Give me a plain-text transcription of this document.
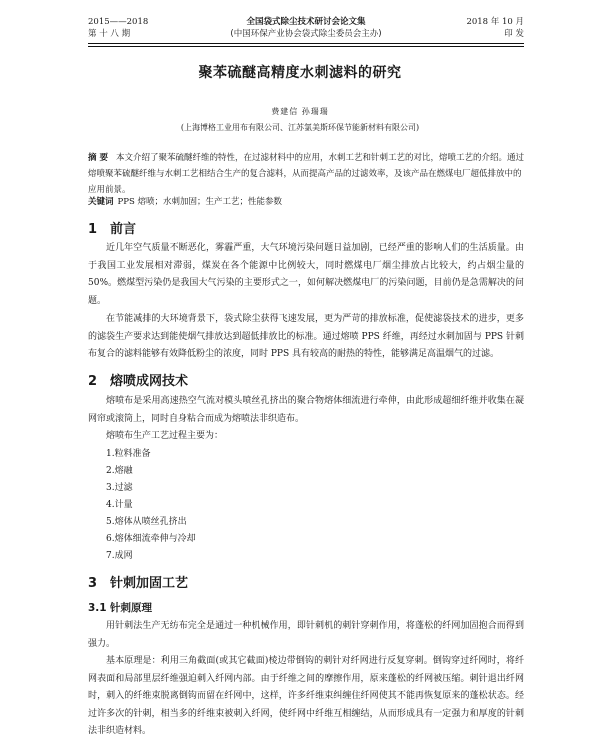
2015——2018	全国袋式除尘技术研讨会论文集	2018 年 10 月
第 十 八 期	(中国环保产业协会袋式除尘委员会主办)	印 发
聚苯硫醚高精度水刺滤料的研究
费建信 孙瑞瑞
(上海博格工业用布有限公司、江苏氯美斯环保节能新材料有限公司)
摘 要 本文介绍了聚苯硫醚纤维的特性，在过滤材料中的应用，水刺工艺和针刺工艺的对比，熔喷工艺的介绍。通过熔喷聚苯硫醚纤维与水刺工艺相结合生产的复合滤料，从而提高产品的过滤效率，及该产品在燃煤电厂超低排放中的应用前景。
关键词 PPS 熔喷；水刺加固；生产工艺；性能参数
1 前言
近几年空气质量不断恶化，雾霾严重，大气环境污染问题日益加剧，已经严重的影响人们的生活质量。由于我国工业发展相对滞弱，煤炭在各个能源中比例较大，同时燃煤电厂烟尘排放占比较大，约占烟尘量的 50%。燃煤型污染仍是我国大气污染的主要形式之一，如何解决燃煤电厂的污染问题，目前仍是急需解决的问题。
在节能减排的大环境背景下，袋式除尘获得飞速发展，更为严苛的排放标准，促使滤袋技术的进步，更多的滤袋生产要求达到能使烟气排放达到超低排放比的标准。通过熔喷 PPS 纤维，再经过水刺加固与 PPS 针刺布复合的滤料能够有效降低粉尘的浓度，同时 PPS 具有较高的耐热的特性，能够满足高温烟气的过滤。
2 熔喷成网技术
熔喷布是采用高速热空气流对模头喷丝孔挤出的聚合物熔体细流进行牵伸，由此形成超细纤维并收集在凝网帘或滚筒上，同时自身粘合而成为熔喷法非织造布。
熔喷布生产工艺过程主要为：
1.粒料准备
2.熔融
3.过滤
4.计量
5.熔体从喷丝孔挤出
6.熔体细流牵伸与冷却
7.成网
3 针刺加固工艺
3.1 针刺原理
用针刺法生产无纺布完全是通过一种机械作用，即针刺机的刺针穿刺作用，将蓬松的纤网加固抱合而得到强力。
基本原理是：利用三角截面(或其它截面)棱边带倒钩的刺针对纤网进行反复穿刺。倒钩穿过纤网时，将纤网表面和局部里层纤维强迫刺入纤网内部。由于纤维之间的摩擦作用，原来蓬松的纤网被压缩。刺针退出纤网时，刺入的纤维束脱离倒钩而留在纤网中，这样，许多纤维束纠缠住纤网使其不能再恢复原来的蓬松状态。经过许多次的针刺，相当多的纤维束被刺入纤网，使纤网中纤维互相缠结，从而形成具有一定强力和厚度的针刺法非织造材料。
